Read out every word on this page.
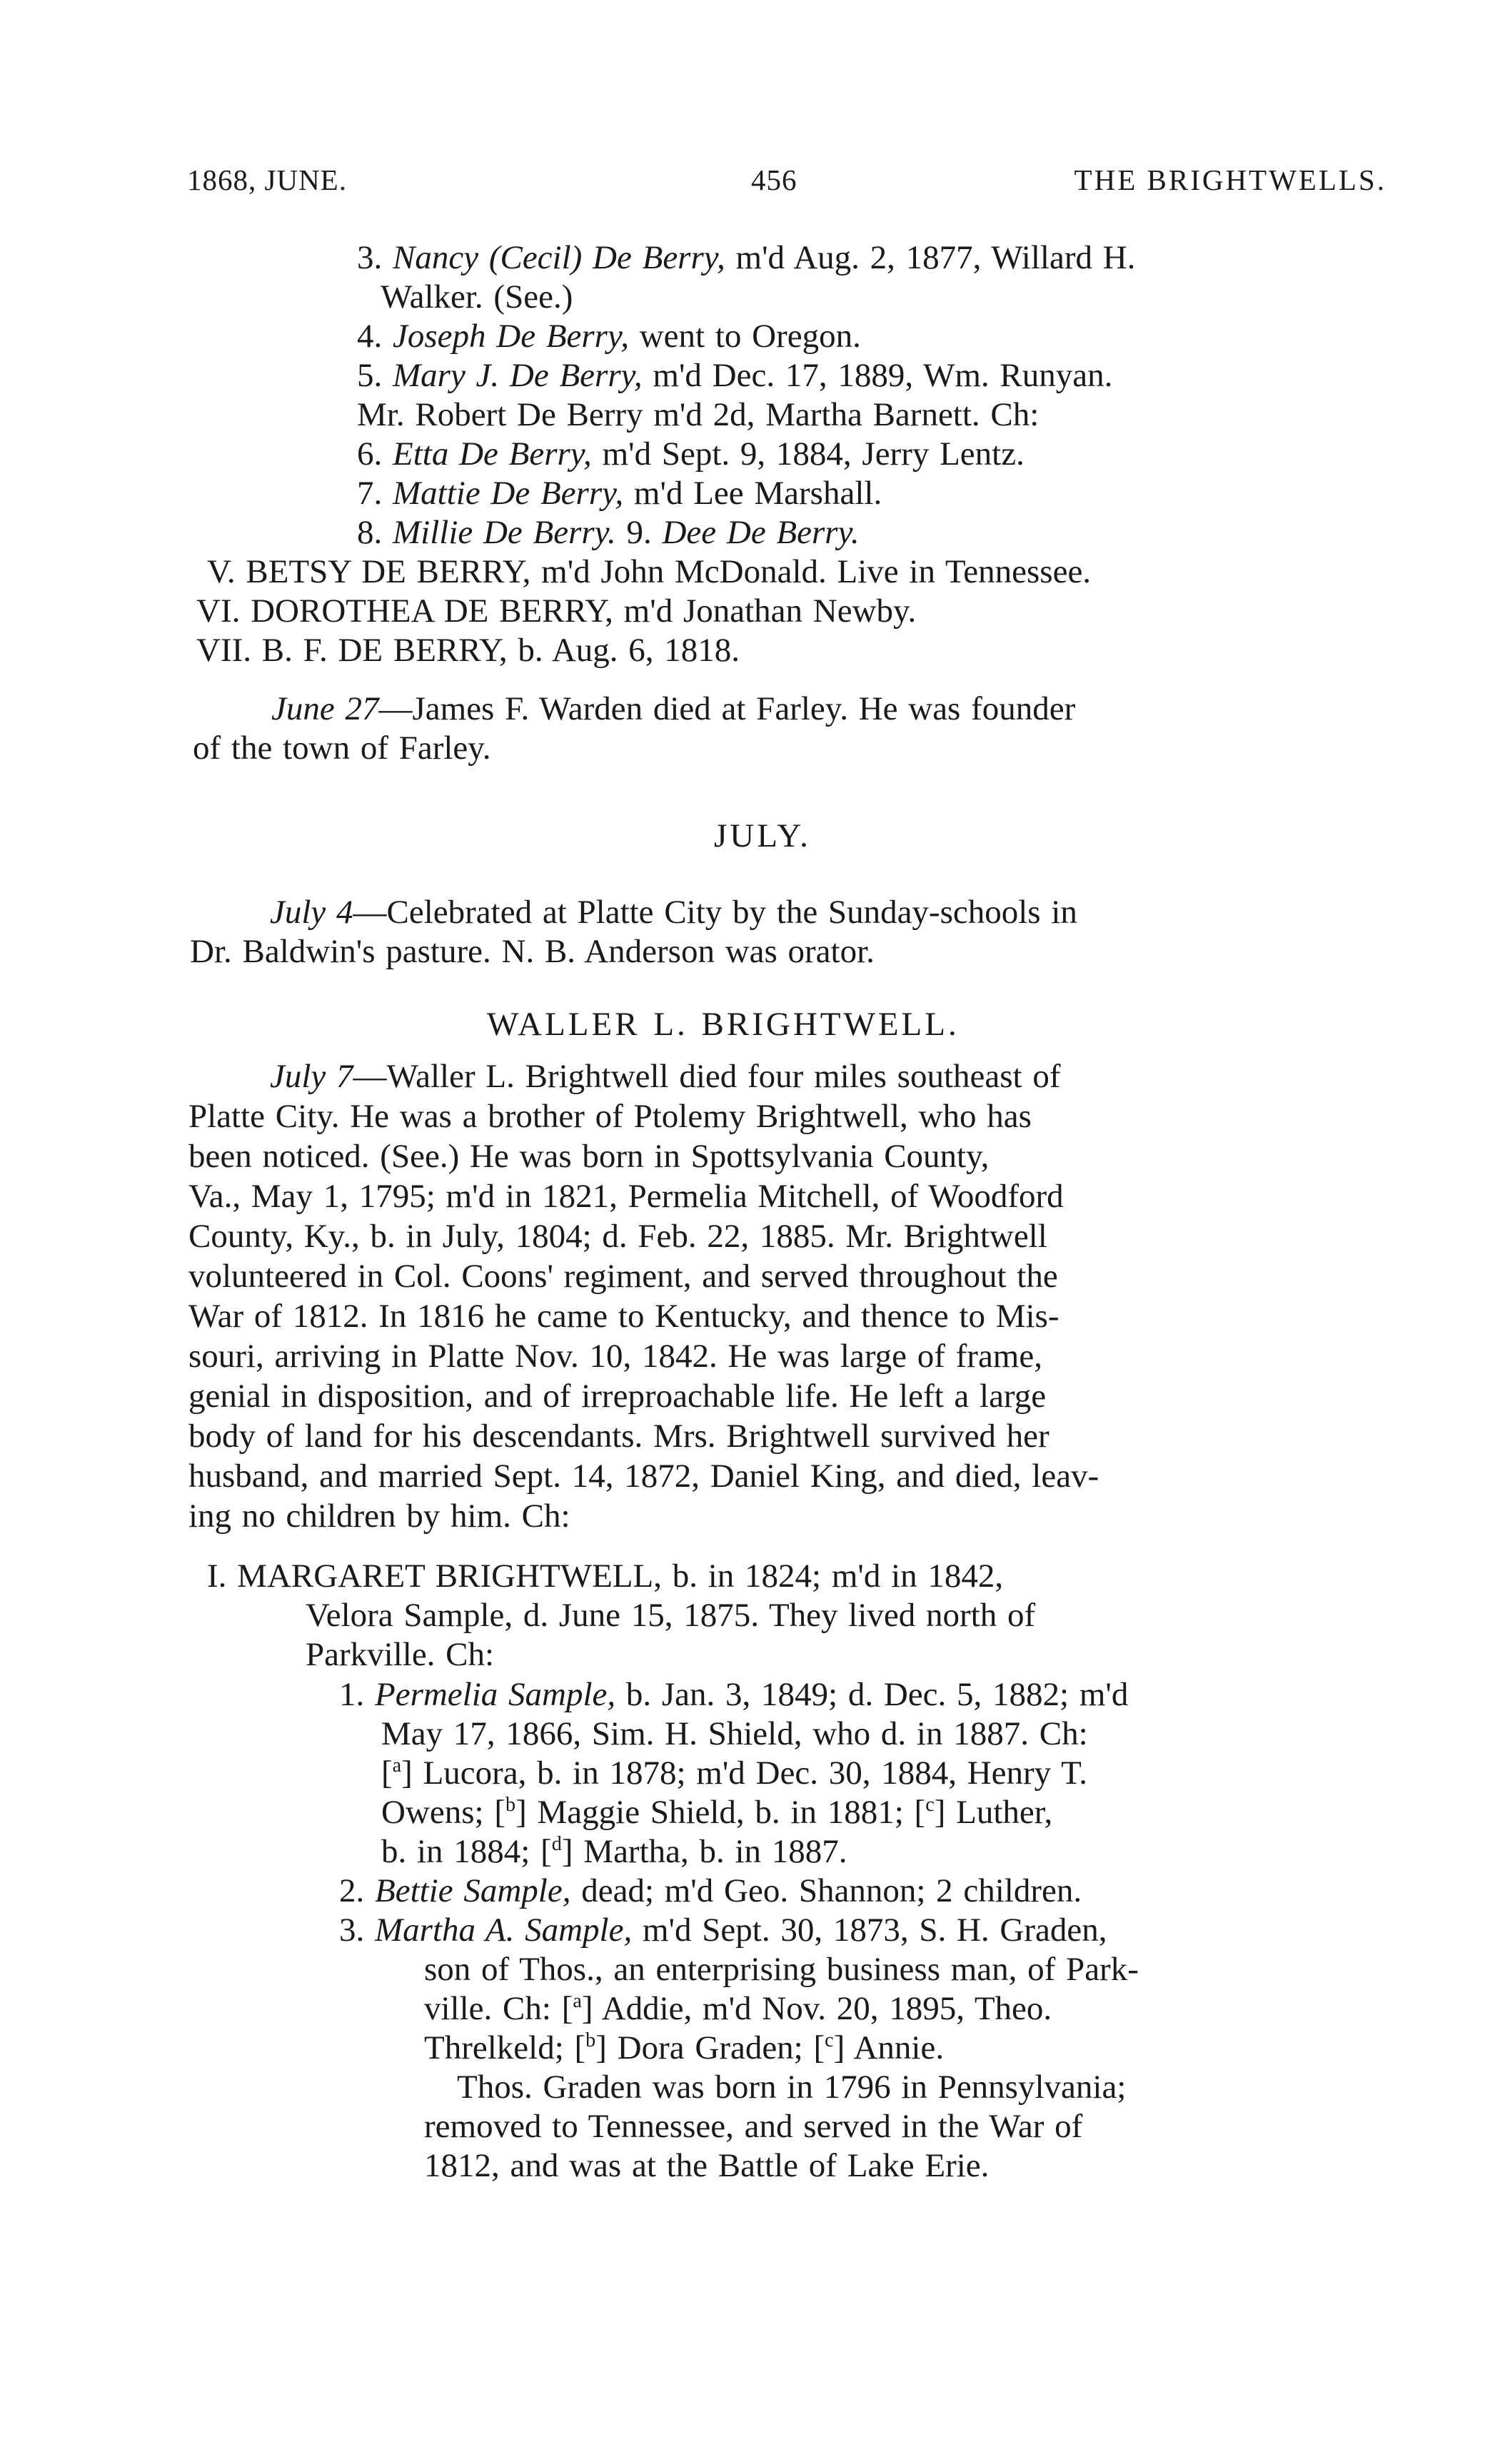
1868, JUNE.	456	THE BRIGHTWELLS.
3. Nancy (Cecil) De Berry, m'd Aug. 2, 1877, Willard H.
Walker. (See.)
4. Joseph De Berry, went to Oregon.
5. Mary J. De Berry, m'd Dec. 17, 1889, Wm. Runyan.
Mr. Robert De Berry m'd 2d, Martha Barnett. Ch:
6. Etta De Berry, m'd Sept. 9, 1884, Jerry Lentz.
7. Mattie De Berry, m'd Lee Marshall.
8. Millie De Berry. 9. Dee De Berry.
V. BETSY DE BERRY, m'd John McDonald. Live in Tennessee.
VI. DOROTHEA DE BERRY, m'd Jonathan Newby.
VII. B. F. DE BERRY, b. Aug. 6, 1818.
June 27—James F. Warden died at Farley. He was founder
of the town of Farley.
JULY.
July 4—Celebrated at Platte City by the Sunday-schools in
Dr. Baldwin's pasture. N. B. Anderson was orator.
WALLER L. BRIGHTWELL.
July 7—Waller L. Brightwell died four miles southeast of
Platte City. He was a brother of Ptolemy Brightwell, who has
been noticed. (See.) He was born in Spottsylvania County,
Va., May 1, 1795; m'd in 1821, Permelia Mitchell, of Woodford
County, Ky., b. in July, 1804; d. Feb. 22, 1885. Mr. Brightwell
volunteered in Col. Coons' regiment, and served throughout the
War of 1812. In 1816 he came to Kentucky, and thence to Mis-
souri, arriving in Platte Nov. 10, 1842. He was large of frame,
genial in disposition, and of irreproachable life. He left a large
body of land for his descendants. Mrs. Brightwell survived her
husband, and married Sept. 14, 1872, Daniel King, and died, leav-
ing no children by him. Ch:
I. MARGARET BRIGHTWELL, b. in 1824; m'd in 1842,
Velora Sample, d. June 15, 1875. They lived north of
Parkville. Ch:
1. Permelia Sample, b. Jan. 3, 1849; d. Dec. 5, 1882; m'd
May 17, 1866, Sim. H. Shield, who d. in 1887. Ch:
[$^a$] Lucora, b. in 1878; m'd Dec. 30, 1884, Henry T.
Owens; [$^b$] Maggie Shield, b. in 1881; [$^c$] Luther,
b. in 1884; [$^d$] Martha, b. in 1887.
2. Bettie Sample, dead; m'd Geo. Shannon; 2 children.
3. Martha A. Sample, m'd Sept. 30, 1873, S. H. Graden,
son of Thos., an enterprising business man, of Park-
ville. Ch: [$^a$] Addie, m'd Nov. 20, 1895, Theo.
Threlkeld; [$^b$] Dora Graden; [$^c$] Annie.
Thos. Graden was born in 1796 in Pennsylvania;
removed to Tennessee, and served in the War of
1812, and was at the Battle of Lake Erie.
